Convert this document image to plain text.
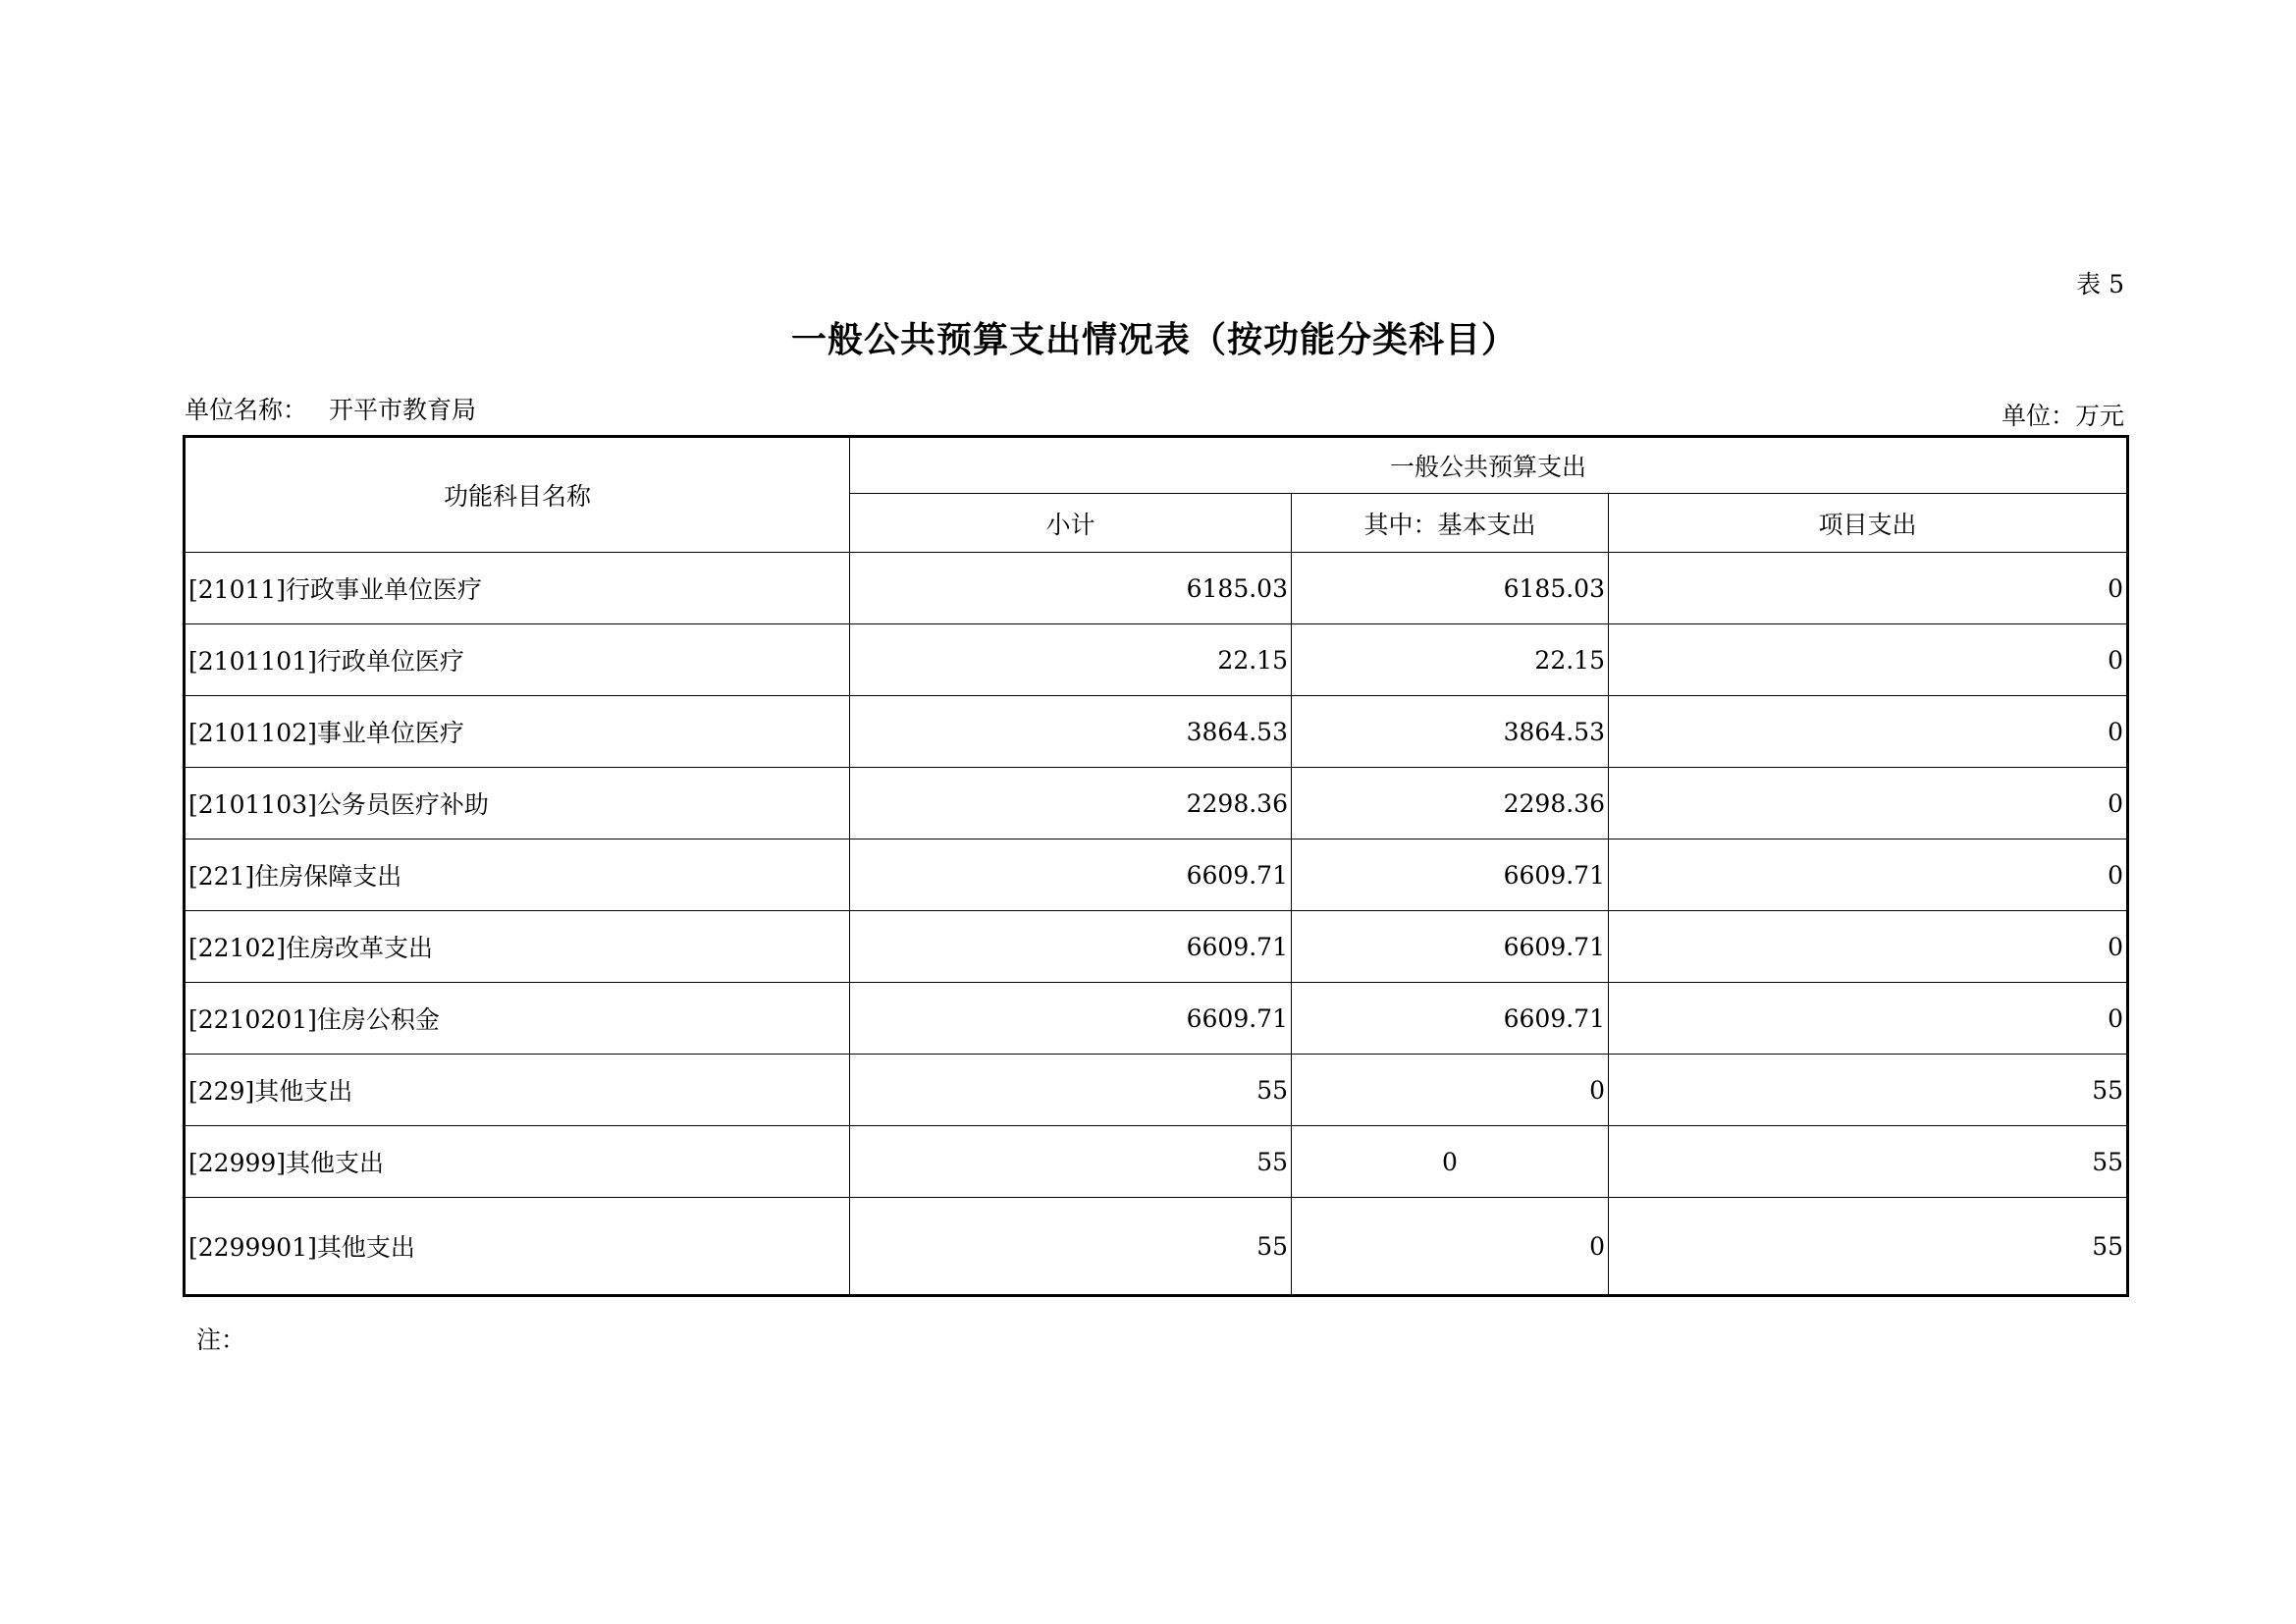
表 5
一般公共预算支出情况表（按功能分类科目）
单位名称： 开平市教育局	单位：万元
功能科目名称	一般公共预算支出		
	小计	其中：基本支出	项目支出
[21011]行政事业单位医疗	6185.03	6185.03	0
[2101101]行政单位医疗	22.15	22.15	0
[2101102]事业单位医疗	3864.53	3864.53	0
[2101103]公务员医疗补助	2298.36	2298.36	0
[221]住房保障支出	6609.71	6609.71	0
[22102]住房改革支出	6609.71	6609.71	0
[2210201]住房公积金	6609.71	6609.71	0
[229]其他支出	55	0	55
[22999]其他支出	55	0	55
[2299901]其他支出	55	0	55
注：
